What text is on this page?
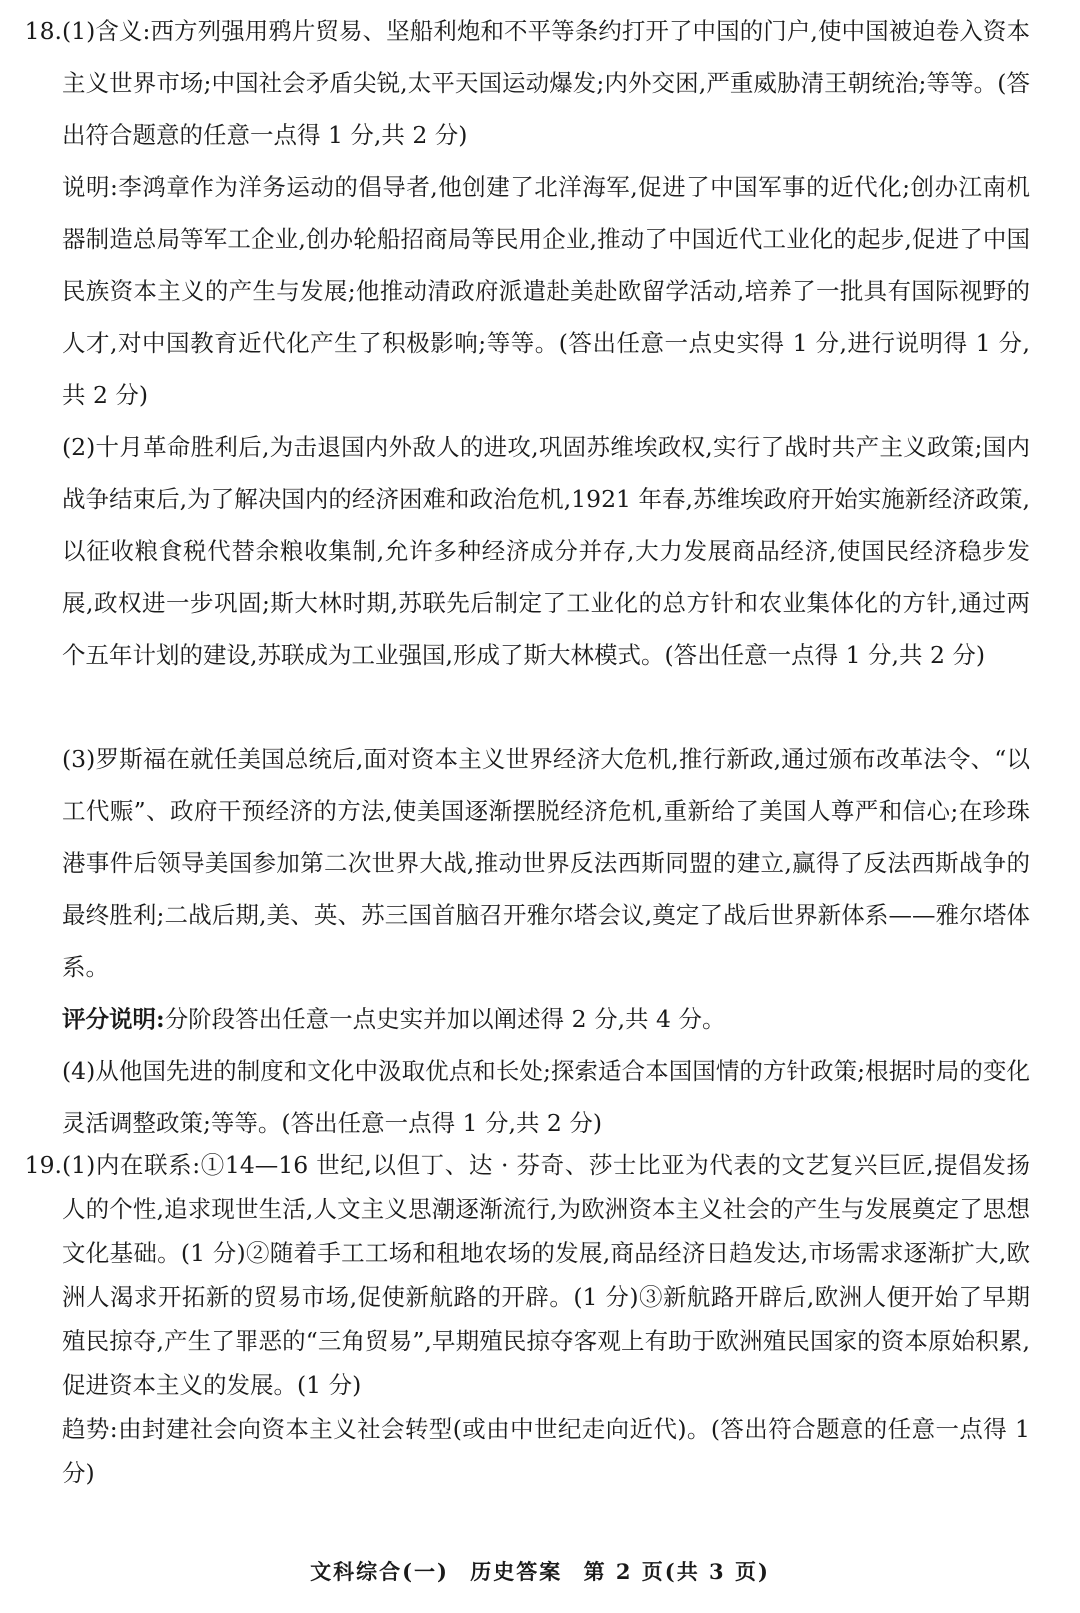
18. (1)含义:西方列强用鸦片贸易、坚船利炮和不平等条约打开了中国的门户,使中国被迫卷入资本主义世界市场;中国社会矛盾尖锐,太平天国运动爆发;内外交困,严重威胁清王朝统治;等等。(答出符合题意的任意一点得 1 分,共 2 分)

说明:李鸿章作为洋务运动的倡导者,他创建了北洋海军,促进了中国军事的近代化;创办江南机器制造总局等军工企业,创办轮船招商局等民用企业,推动了中国近代工业化的起步,促进了中国民族资本主义的产生与发展;他推动清政府派遣赴美赴欧留学活动,培养了一批具有国际视野的人才,对中国教育近代化产生了积极影响;等等。(答出任意一点史实得 1 分,进行说明得 1 分,共 2 分)

(2)十月革命胜利后,为击退国内外敌人的进攻,巩固苏维埃政权,实行了战时共产主义政策;国内战争结束后,为了解决国内的经济困难和政治危机,1921 年春,苏维埃政府开始实施新经济政策,以征收粮食税代替余粮收集制,允许多种经济成分并存,大力发展商品经济,使国民经济稳步发展,政权进一步巩固;斯大林时期,苏联先后制定了工业化的总方针和农业集体化的方针,通过两个五年计划的建设,苏联成为工业强国,形成了斯大林模式。(答出任意一点得 1 分,共 2 分)

(3)罗斯福在就任美国总统后,面对资本主义世界经济大危机,推行新政,通过颁布改革法令、“以工代赈”、政府干预经济的方法,使美国逐渐摆脱经济危机,重新给了美国人尊严和信心;在珍珠港事件后领导美国参加第二次世界大战,推动世界反法西斯同盟的建立,赢得了反法西斯战争的最终胜利;二战后期,美、英、苏三国首脑召开雅尔塔会议,奠定了战后世界新体系——雅尔塔体系。

评分说明:分阶段答出任意一点史实并加以阐述得 2 分,共 4 分。

(4)从他国先进的制度和文化中汲取优点和长处;探索适合本国国情的方针政策;根据时局的变化灵活调整政策;等等。(答出任意一点得 1 分,共 2 分)

19. (1)内在联系:①14—16 世纪,以但丁、达 · 芬奇、莎士比亚为代表的文艺复兴巨匠,提倡发扬人的个性,追求现世生活,人文主义思潮逐渐流行,为欧洲资本主义社会的产生与发展奠定了思想文化基础。(1 分)②随着手工工场和租地农场的发展,商品经济日趋发达,市场需求逐渐扩大,欧洲人渴求开拓新的贸易市场,促使新航路的开辟。(1 分)③新航路开辟后,欧洲人便开始了早期殖民掠夺,产生了罪恶的“三角贸易”,早期殖民掠夺客观上有助于欧洲殖民国家的资本原始积累,促进资本主义的发展。(1 分)

趋势:由封建社会向资本主义社会转型(或由中世纪走向近代)。(答出符合题意的任意一点得 1 分)

文科综合(一) 历史答案 第 2 页(共 3 页)
